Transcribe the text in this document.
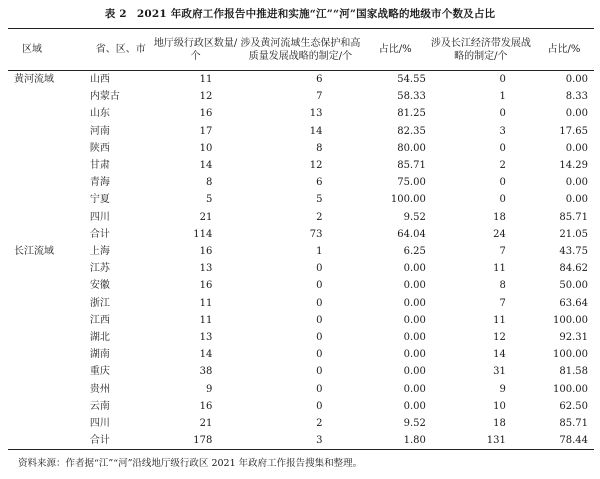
表 2 2021 年政府工作报告中推进和实施“江”“河”国家战略的地级市个数及占比
区域	省、区、市	地厅级行政区数量/个	涉及黄河流域生态保护和高质量发展战略的制定/个	占比/%	涉及长江经济带发展战略的制定/个	占比/%
黄河流域	山西	11	6	54.55	0	0.00
	内蒙古	12	7	58.33	1	8.33
	山东	16	13	81.25	0	0.00
	河南	17	14	82.35	3	17.65
	陕西	10	8	80.00	0	0.00
	甘肃	14	12	85.71	2	14.29
	青海	8	6	75.00	0	0.00
	宁夏	5	5	100.00	0	0.00
	四川	21	2	9.52	18	85.71
	合计	114	73	64.04	24	21.05
长江流域	上海	16	1	6.25	7	43.75
	江苏	13	0	0.00	11	84.62
	安徽	16	0	0.00	8	50.00
	浙江	11	0	0.00	7	63.64
	江西	11	0	0.00	11	100.00
	湖北	13	0	0.00	12	92.31
	湖南	14	0	0.00	14	100.00
	重庆	38	0	0.00	31	81.58
	贵州	9	0	0.00	9	100.00
	云南	16	0	0.00	10	62.50
	四川	21	2	9.52	18	85.71
	合计	178	3	1.80	131	78.44
资料来源：作者据“江”“河”沿线地厅级行政区 2021 年政府工作报告搜集和整理。
